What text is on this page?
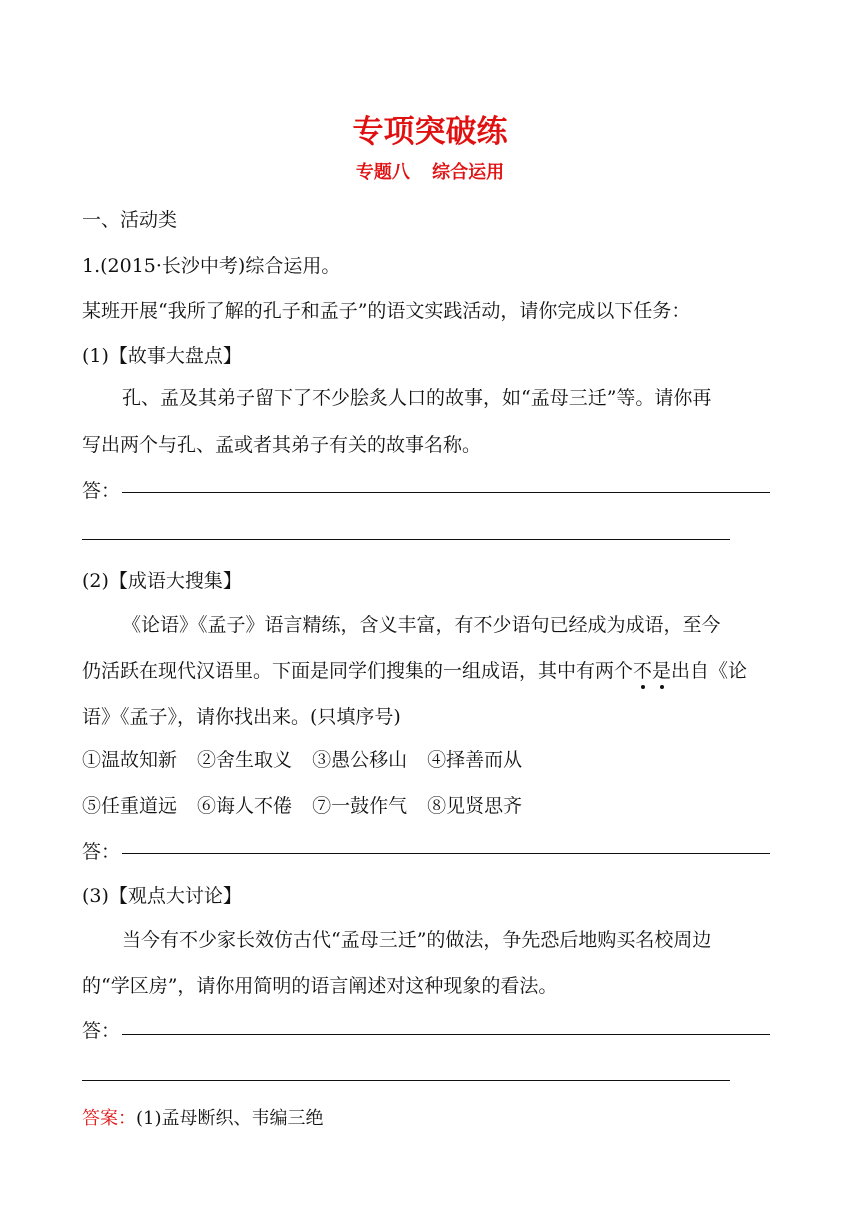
专项突破练
专题八 综合运用
一、活动类
1.(2015·长沙中考)综合运用。
某班开展“我所了解的孔子和孟子”的语文实践活动，请你完成以下任务：
(1)【故事大盘点】
孔、孟及其弟子留下了不少脍炙人口的故事，如“孟母三迁”等。请你再
写出两个与孔、孟或者其弟子有关的故事名称。
答：
(2)【成语大搜集】
《论语》《孟子》语言精练，含义丰富，有不少语句已经成为成语，至今
仍活跃在现代汉语里。下面是同学们搜集的一组成语，其中有两个不是出自《论
语》《孟子》，请你找出来。(只填序号)
①温故知新 ②舍生取义 ③愚公移山 ④择善而从
⑤任重道远 ⑥诲人不倦 ⑦一鼓作气 ⑧见贤思齐
答：
(3)【观点大讨论】
当今有不少家长效仿古代“孟母三迁”的做法，争先恐后地购买名校周边
的“学区房”，请你用简明的语言阐述对这种现象的看法。
答：
答案：(1)孟母断织、韦编三绝
